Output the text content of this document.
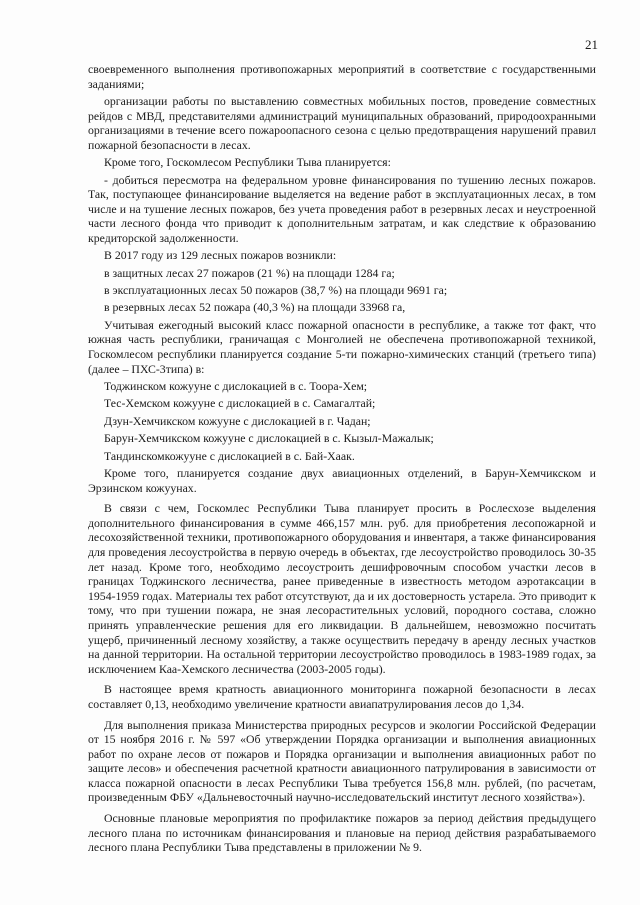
21

своевременного выполнения противопожарных мероприятий в соответствие с государственными заданиями;

организации работы по выставлению совместных мобильных постов, проведение совместных рейдов с МВД, представителями администраций муниципальных образований, природоохранными организациями в течение всего пожароопасного сезона с целью предотвращения нарушений правил пожарной безопасности в лесах.

Кроме того, Госкомлесом Республики Тыва планируется:

- добиться пересмотра на федеральном уровне финансирования по тушению лесных пожаров. Так, поступающее финансирование выделяется на ведение работ в эксплуатационных лесах, в том числе и на тушение лесных пожаров, без учета проведения работ в резервных лесах и неустроенной части лесного фонда что приводит к дополнительным затратам, и как следствие к образованию кредиторской задолженности.

В 2017 году из 129 лесных пожаров возникли:

в защитных лесах 27 пожаров (21 %) на площади 1284 га;

в эксплуатационных лесах 50 пожаров (38,7 %) на площади 9691 га;

в резервных лесах 52 пожара (40,3 %) на площади 33968 га,

Учитывая ежегодный высокий класс пожарной опасности в республике, а также тот факт, что южная часть республики, граничащая с Монголией не обеспечена противопожарной техникой, Госкомлесом республики планируется создание 5-ти пожарно-химических станций (третьего типа) (далее – ПХС-3типа) в:

Тоджинском кожууне с дислокацией в с. Тоора-Хем;

Тес-Хемском кожууне с дислокацией в с. Самагалтай;

Дзун-Хемчикском кожууне с дислокацией в г. Чадан;

Барун-Хемчикском кожууне с дислокацией в с. Кызыл-Мажалык;

Тандинскомкожууне с дислокацией в с. Бай-Хаак.

Кроме того, планируется создание двух авиационных отделений, в Барун-Хемчикском и Эрзинском кожуунах.

В связи с чем, Госкомлес Республики Тыва планирует просить в Рослесхозе выделения дополнительного финансирования в сумме 466,157 млн. руб. для приобретения лесопожарной и лесохозяйственной техники, противопожарного оборудования и инвентаря, а также финансирования для проведения лесоустройства в первую очередь в объектах, где лесоустройство проводилось 30-35 лет назад. Кроме того, необходимо лесоустроить дешифровочным способом участки лесов в границах Тоджинского лесничества, ранее приведенные в известность методом аэротаксации в 1954-1959 годах. Материалы тех работ отсутствуют, да и их достоверность устарела. Это приводит к тому, что при тушении пожара, не зная лесорастительных условий, породного состава, сложно принять управленческие решения для его ликвидации. В дальнейшем, невозможно посчитать ущерб, причиненный лесному хозяйству, а также осуществить передачу в аренду лесных участков на данной территории. На остальной территории лесоустройство проводилось в 1983-1989 годах, за исключением Каа-Хемского лесничества (2003-2005 годы).

В настоящее время кратность авиационного мониторинга пожарной безопасности в лесах составляет 0,13, необходимо увеличение кратности авиапатрулирования лесов до 1,34.

Для выполнения приказа Министерства природных ресурсов и экологии Российской Федерации от 15 ноября 2016 г. № 597 «Об утверждении Порядка организации и выполнения авиационных работ по охране лесов от пожаров и Порядка организации и выполнения авиационных работ по защите лесов» и обеспечения расчетной кратности авиационного патрулирования в зависимости от класса пожарной опасности в лесах Республики Тыва требуется 156,8 млн. рублей, (по расчетам, произведенным ФБУ «Дальневосточный научно-исследовательский институт лесного хозяйства»).

Основные плановые мероприятия по профилактике пожаров за период действия предыдущего лесного плана по источникам финансирования и плановые на период действия разрабатываемого лесного плана Республики Тыва представлены в приложении № 9.
